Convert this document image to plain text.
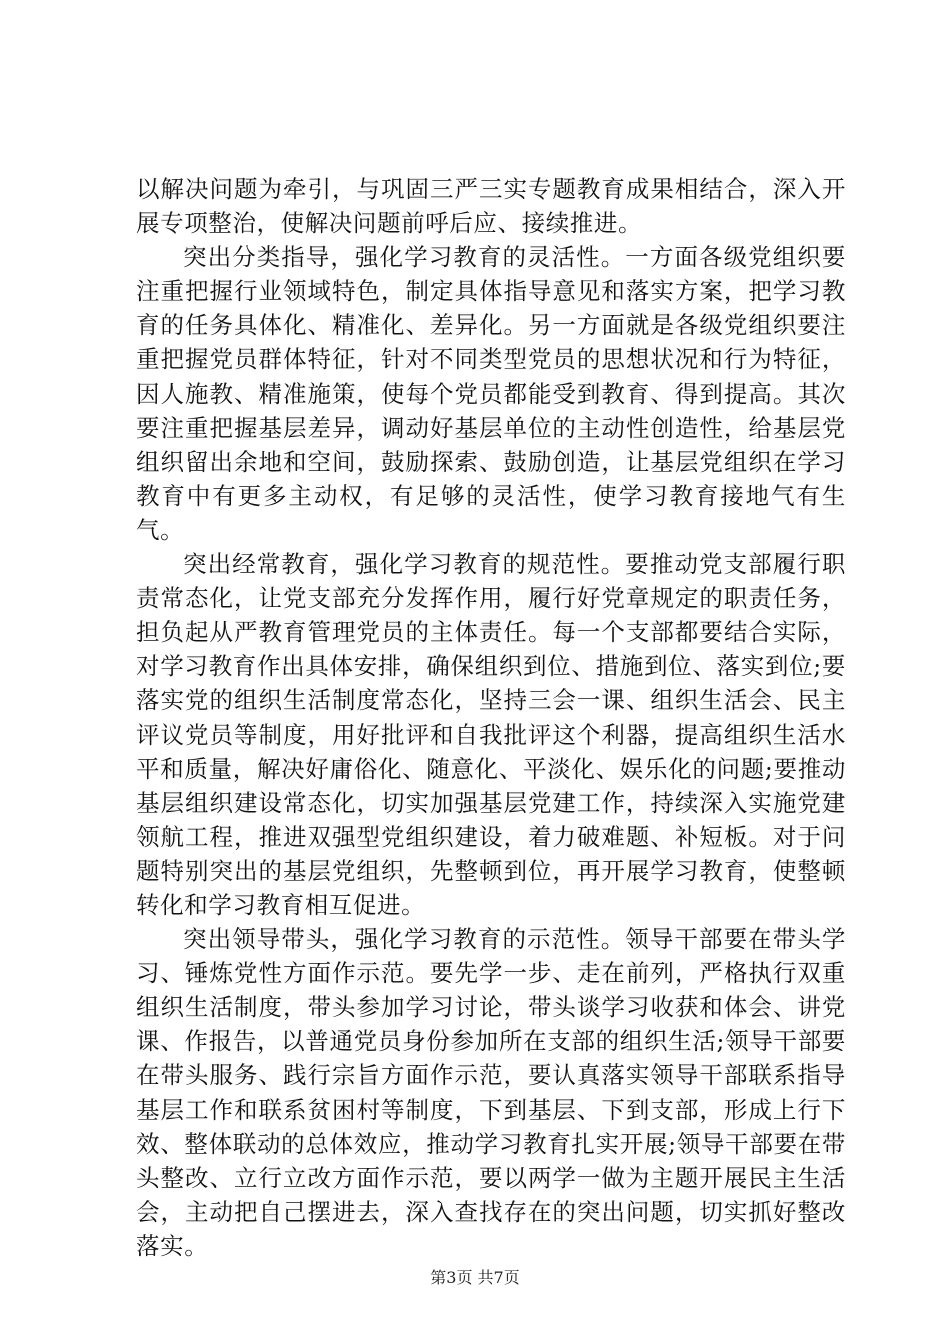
以解决问题为牵引，与巩固三严三实专题教育成果相结合，深入开展专项整治，使解决问题前呼后应、接续推进。

突出分类指导，强化学习教育的灵活性。一方面各级党组织要注重把握行业领域特色，制定具体指导意见和落实方案，把学习教育的任务具体化、精准化、差异化。另一方面就是各级党组织要注重把握党员群体特征，针对不同类型党员的思想状况和行为特征，因人施教、精准施策，使每个党员都能受到教育、得到提高。其次要注重把握基层差异，调动好基层单位的主动性创造性，给基层党组织留出余地和空间，鼓励探索、鼓励创造，让基层党组织在学习教育中有更多主动权，有足够的灵活性，使学习教育接地气有生气。

突出经常教育，强化学习教育的规范性。要推动党支部履行职责常态化，让党支部充分发挥作用，履行好党章规定的职责任务，担负起从严教育管理党员的主体责任。每一个支部都要结合实际，对学习教育作出具体安排，确保组织到位、措施到位、落实到位;要落实党的组织生活制度常态化，坚持三会一课、组织生活会、民主评议党员等制度，用好批评和自我批评这个利器，提高组织生活水平和质量，解决好庸俗化、随意化、平淡化、娱乐化的问题;要推动基层组织建设常态化，切实加强基层党建工作，持续深入实施党建领航工程，推进双强型党组织建设，着力破难题、补短板。对于问题特别突出的基层党组织，先整顿到位，再开展学习教育，使整顿转化和学习教育相互促进。

突出领导带头，强化学习教育的示范性。领导干部要在带头学习、锤炼党性方面作示范。要先学一步、走在前列，严格执行双重组织生活制度，带头参加学习讨论，带头谈学习收获和体会、讲党课、作报告，以普通党员身份参加所在支部的组织生活;领导干部要在带头服务、践行宗旨方面作示范，要认真落实领导干部联系指导基层工作和联系贫困村等制度，下到基层、下到支部，形成上行下效、整体联动的总体效应，推动学习教育扎实开展;领导干部要在带头整改、立行立改方面作示范，要以两学一做为主题开展民主生活会，主动把自己摆进去，深入查找存在的突出问题，切实抓好整改落实。

第3页 共7页
